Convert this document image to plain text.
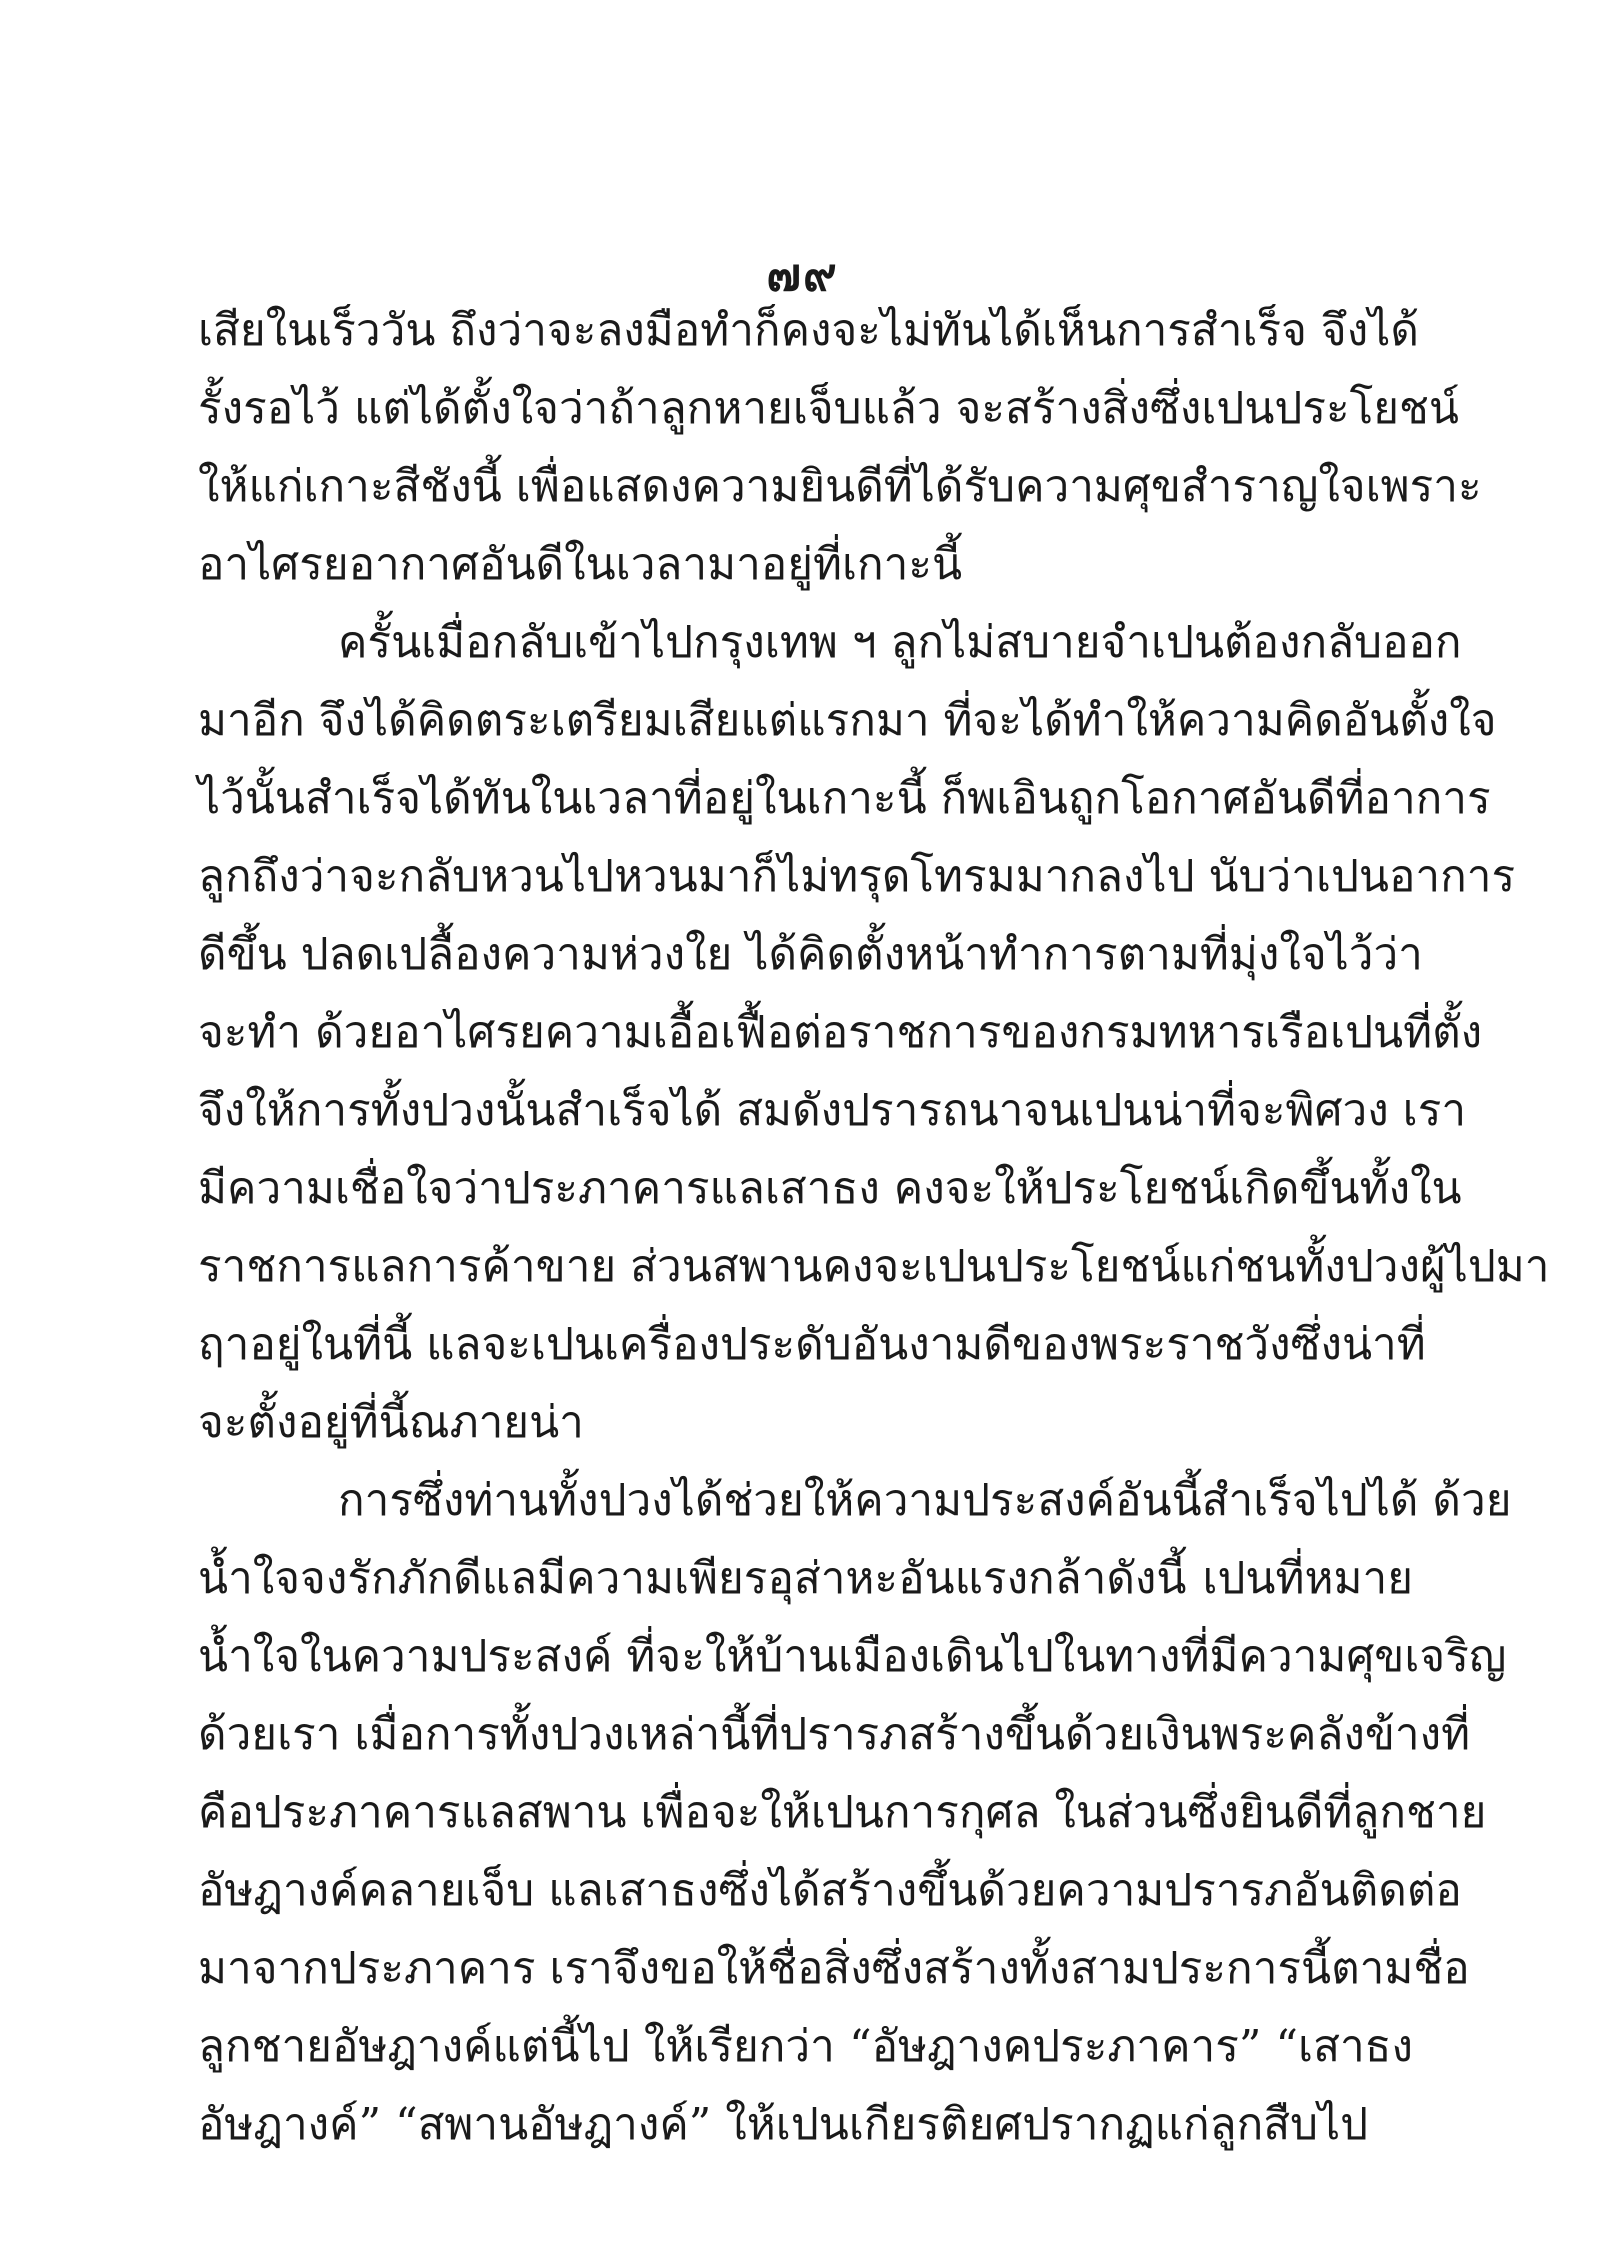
๗๙
เสียในเร็ววัน ถึงว่าจะลงมือทำก็คงจะไม่ทันได้เห็นการสำเร็จ จึงได้
รั้งรอไว้ แต่ได้ตั้งใจว่าถ้าลูกหายเจ็บแล้ว จะสร้างสิ่งซึ่งเปนประโยชน์
ให้แก่เกาะสีชังนี้ เพื่อแสดงความยินดีที่ได้รับความศุขสำราญใจเพราะ
อาไศรยอากาศอันดีในเวลามาอยู่ที่เกาะนี้
ครั้นเมื่อกลับเข้าไปกรุงเทพ ฯ ลูกไม่สบายจำเปนต้องกลับออก
มาอีก จึงได้คิดตระเตรียมเสียแต่แรกมา ที่จะได้ทำให้ความคิดอันตั้งใจ
ไว้นั้นสำเร็จได้ทันในเวลาที่อยู่ในเกาะนี้ ก็พเอินถูกโอกาศอันดีที่อาการ
ลูกถึงว่าจะกลับหวนไปหวนมาก็ไม่ทรุดโทรมมากลงไป นับว่าเปนอาการ
ดีขึ้น ปลดเปลื้องความห่วงใย ได้คิดตั้งหน้าทำการตามที่มุ่งใจไว้ว่า
จะทำ ด้วยอาไศรยความเอื้อเฟื้อต่อราชการของกรมทหารเรือเปนที่ตั้ง
จึงให้การทั้งปวงนั้นสำเร็จได้ สมดังปรารถนาจนเปนน่าที่จะพิศวง เรา
มีความเชื่อใจว่าประภาคารแลเสาธง คงจะให้ประโยชน์เกิดขึ้นทั้งใน
ราชการแลการค้าขาย ส่วนสพานคงจะเปนประโยชน์แก่ชนทั้งปวงผู้ไปมา
ฤาอยู่ในที่นี้ แลจะเปนเครื่องประดับอันงามดีของพระราชวังซึ่งน่าที่
จะตั้งอยู่ที่นี้ณภายน่า
การซึ่งท่านทั้งปวงได้ช่วยให้ความประสงค์อันนี้สำเร็จไปได้ ด้วย
น้ำใจจงรักภักดีแลมีความเพียรอุส่าหะอันแรงกล้าดังนี้ เปนที่หมาย
น้ำใจในความประสงค์ ที่จะให้บ้านเมืองเดินไปในทางที่มีความศุขเจริญ
ด้วยเรา เมื่อการทั้งปวงเหล่านี้ที่ปรารภสร้างขึ้นด้วยเงินพระคลังข้างที่
คือประภาคารแลสพาน เพื่อจะให้เปนการกุศล ในส่วนซึ่งยินดีที่ลูกชาย
อัษฎางค์คลายเจ็บ แลเสาธงซึ่งได้สร้างขึ้นด้วยความปรารภอันติดต่อ
มาจากประภาคาร เราจึงขอให้ชื่อสิ่งซึ่งสร้างทั้งสามประการนี้ตามชื่อ
ลูกชายอัษฎางค์แต่นี้ไป ให้เรียกว่า “อัษฎางคประภาคาร” “เสาธง
อัษฎางค์” “สพานอัษฎางค์” ให้เปนเกียรติยศปรากฏแก่ลูกสืบไป
